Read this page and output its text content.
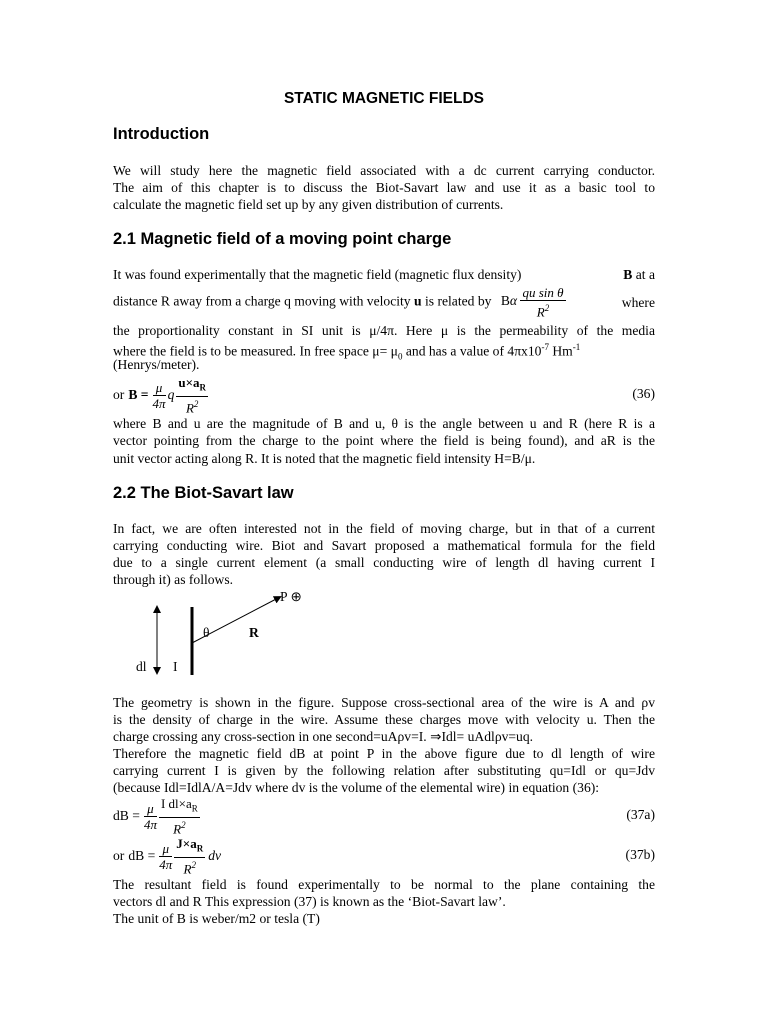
STATIC MAGNETIC FIELDS
Introduction
We will study here the magnetic field associated with a dc current carrying conductor.
The aim of this chapter is to discuss the Biot-Savart law and use it as a basic tool to
calculate the magnetic field set up by any given distribution of currents.
2.1 Magnetic field of a moving point charge
It was found experimentally that the magnetic field (magnetic flux density)	B at a
distance R away from a charge q moving with velocity u is related by Bα $\frac{\text{qu sin θ}}{R^2}$	where
the proportionality constant in SI unit is μ/4π. Here μ is the permeability of the media
where the field is to be measured. In free space $\mu= \mu_0$ and has a value of $4\pi x10^{-7}$ $Hm^{-1}$
(Henrys/meter).
or $B = \frac{\mu}{4\pi}$ q $\frac{u\times a_R}{R^2}$	(36)
where B and u are the magnitude of B and u, θ is the angle between u and R (here R is a
vector pointing from the charge to the point where the field is being found), and aR is the
unit vector acting along R. It is noted that the magnetic field intensity H=B/μ.
2.2 The Biot-Savart law
In fact, we are often interested not in the field of moving charge, but in that of a current
carrying conducting wire. Biot and Savart proposed a mathematical formula for the field
due to a single current element (a small conducting wire of length dl having current I
through it) as follows.
P ⊕
θ	R
dl I
The geometry is shown in the figure. Suppose cross-sectional area of the wire is A and ρv
is the density of charge in the wire. Assume these charges move with velocity u. Then the
charge crossing any cross-section in one second=uAρv=I. ⇒Idl= uAdlρv=uq.
Therefore the magnetic field dB at point P in the above figure due to dl length of wire
carrying current I is given by the following relation after substituting qu=Idl or qu=Jdv
(because Idl=IdlA/A=Jdv where dv is the volume of the elemental wire) in equation (36):
dB = $\frac{\mu}{4\pi} \frac{I dl\times a_R}{R^2}$	(37a)
or dB = $\frac{\mu}{4\pi} \frac{J\times a_R}{R^2}$ dv	(37b)
The resultant field is found experimentally to be normal to the plane containing the
vectors dl and R This expression (37) is known as the ‘Biot-Savart law’.
The unit of B is weber/m2 or tesla (T)
